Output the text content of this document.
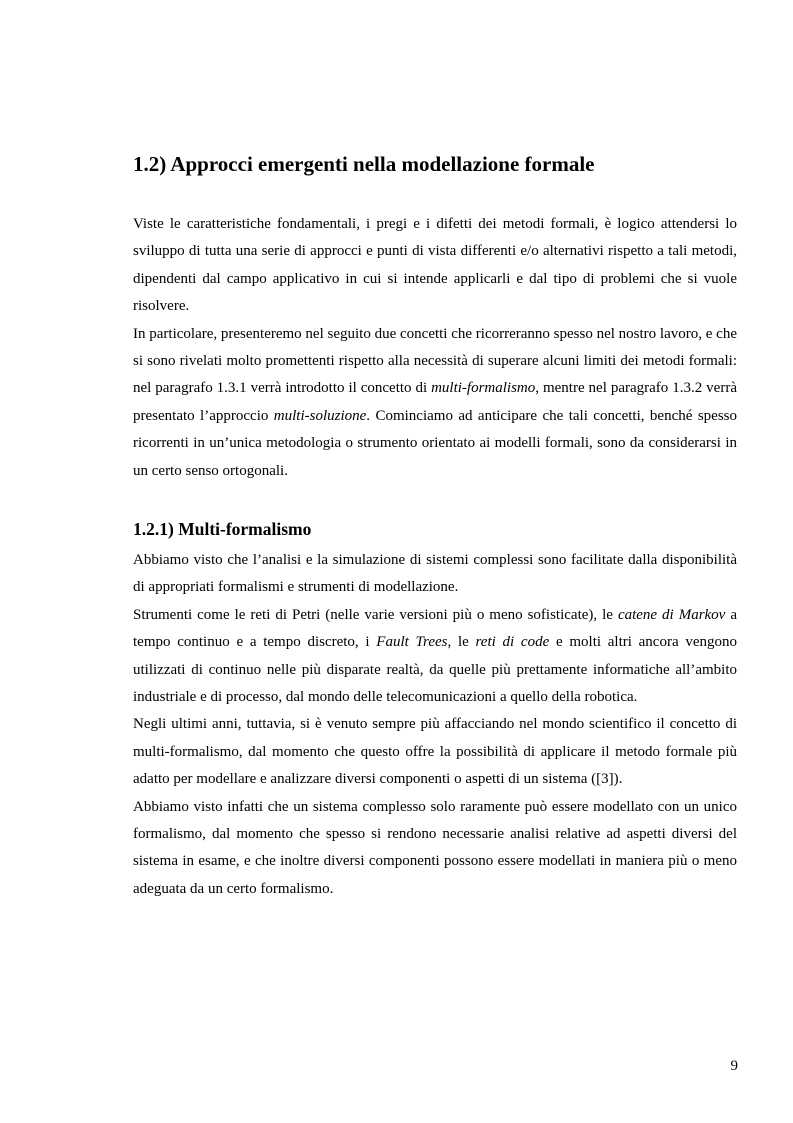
1.2) Approcci emergenti nella modellazione formale

Viste le caratteristiche fondamentali, i pregi e i difetti dei metodi formali, è logico attendersi lo sviluppo di tutta una serie di approcci e punti di vista differenti e/o alternativi rispetto a tali metodi, dipendenti dal campo applicativo in cui si intende applicarli e dal tipo di problemi che si vuole risolvere.

In particolare, presenteremo nel seguito due concetti che ricorreranno spesso nel nostro lavoro, e che si sono rivelati molto promettenti rispetto alla necessità di superare alcuni limiti dei metodi formali: nel paragrafo 1.3.1 verrà introdotto il concetto di multi-formalismo, mentre nel paragrafo 1.3.2 verrà presentato l’approccio multi-soluzione. Cominciamo ad anticipare che tali concetti, benché spesso ricorrenti in un’unica metodologia o strumento orientato ai modelli formali, sono da considerarsi in un certo senso ortogonali.

1.2.1) Multi-formalismo

Abbiamo visto che l’analisi e la simulazione di sistemi complessi sono facilitate dalla disponibilità di appropriati formalismi e strumenti di modellazione.

Strumenti come le reti di Petri (nelle varie versioni più o meno sofisticate), le catene di Markov a tempo continuo e a tempo discreto, i Fault Trees, le reti di code e molti altri ancora vengono utilizzati di continuo nelle più disparate realtà, da quelle più prettamente informatiche all’ambito industriale e di processo, dal mondo delle telecomunicazioni a quello della robotica.

Negli ultimi anni, tuttavia, si è venuto sempre più affacciando nel mondo scientifico il concetto di multi-formalismo, dal momento che questo offre la possibilità di applicare il metodo formale più adatto per modellare e analizzare diversi componenti o aspetti di un sistema ([3]).

Abbiamo visto infatti che un sistema complesso solo raramente può essere modellato con un unico formalismo, dal momento che spesso si rendono necessarie analisi relative ad aspetti diversi del sistema in esame, e che inoltre diversi componenti possono essere modellati in maniera più o meno adeguata da un certo formalismo.

9
